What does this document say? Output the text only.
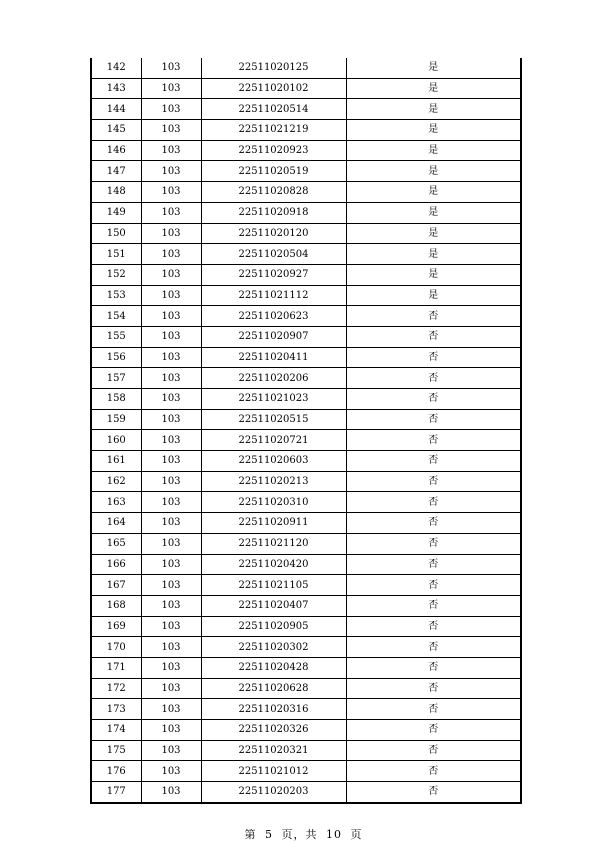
142	103	22511020125	是
143	103	22511020102	是
144	103	22511020514	是
145	103	22511021219	是
146	103	22511020923	是
147	103	22511020519	是
148	103	22511020828	是
149	103	22511020918	是
150	103	22511020120	是
151	103	22511020504	是
152	103	22511020927	是
153	103	22511021112	是
154	103	22511020623	否
155	103	22511020907	否
156	103	22511020411	否
157	103	22511020206	否
158	103	22511021023	否
159	103	22511020515	否
160	103	22511020721	否
161	103	22511020603	否
162	103	22511020213	否
163	103	22511020310	否
164	103	22511020911	否
165	103	22511021120	否
166	103	22511020420	否
167	103	22511021105	否
168	103	22511020407	否
169	103	22511020905	否
170	103	22511020302	否
171	103	22511020428	否
172	103	22511020628	否
173	103	22511020316	否
174	103	22511020326	否
175	103	22511020321	否
176	103	22511021012	否
177	103	22511020203	否
第 5 页，共 10 页
